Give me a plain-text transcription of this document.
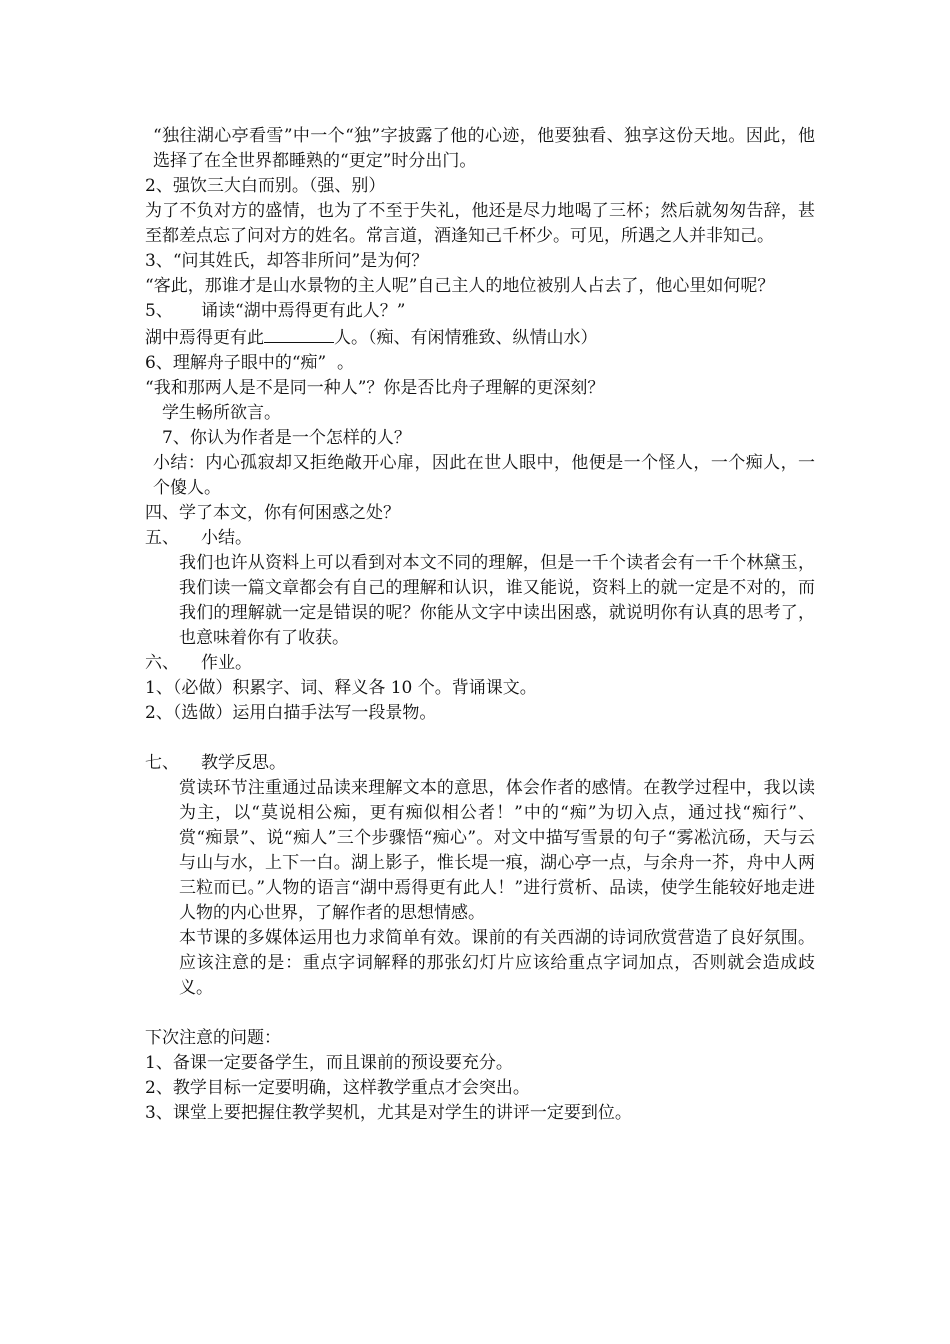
“独往湖心亭看雪”中一个“独”字披露了他的心迹，他要独看、独享这份天地。因此，他选择了在全世界都睡熟的“更定”时分出门。

2、强饮三大白而别。（强、别）

为了不负对方的盛情，也为了不至于失礼，他还是尽力地喝了三杯；然后就匆匆告辞，甚至都差点忘了问对方的姓名。常言道，酒逢知己千杯少。可见，所遇之人并非知己。

3、“问其姓氏，却答非所问”是为何？

“客此，那谁才是山水景物的主人呢”自己主人的地位被别人占去了，他心里如何呢？

5、 诵读“湖中焉得更有此人？”

湖中焉得更有此	人。（痴、有闲情雅致、纵情山水）

6、理解舟子眼中的“痴”  。

“我和那两人是不是同一种人”？你是否比舟子理解的更深刻？

学生畅所欲言。

7、你认为作者是一个怎样的人？

小结：内心孤寂却又拒绝敞开心扉，因此在世人眼中，他便是一个怪人，一个痴人，一个傻人。

四、学了本文，你有何困惑之处？

五、 小结。

我们也许从资料上可以看到对本文不同的理解，但是一千个读者会有一千个林黛玉，我们读一篇文章都会有自己的理解和认识，谁又能说，资料上的就一定是不对的，而我们的理解就一定是错误的呢？你能从文字中读出困惑，就说明你有认真的思考了，也意味着你有了收获。

六、 作业。

1、（必做）积累字、词、释义各 10 个。背诵课文。

2、（选做）运用白描手法写一段景物。

七、 教学反思。

赏读环节注重通过品读来理解文本的意思，体会作者的感情。在教学过程中，我以读为主，以“莫说相公痴，更有痴似相公者！”中的“痴”为切入点，通过找“痴行”、赏“痴景”、说“痴人”三个步骤悟“痴心”。对文中描写雪景的句子“雾凇沆砀，天与云与山与水，上下一白。湖上影子，惟长堤一痕，湖心亭一点，与余舟一芥，舟中人两三粒而已。”人物的语言“湖中焉得更有此人！”进行赏析、品读，使学生能较好地走进人物的内心世界，了解作者的思想情感。

本节课的多媒体运用也力求简单有效。课前的有关西湖的诗词欣赏营造了良好氛围。应该注意的是：重点字词解释的那张幻灯片应该给重点字词加点，否则就会造成歧义。

下次注意的问题：

1、备课一定要备学生，而且课前的预设要充分。

2、教学目标一定要明确，这样教学重点才会突出。

3、课堂上要把握住教学契机，尤其是对学生的讲评一定要到位。
